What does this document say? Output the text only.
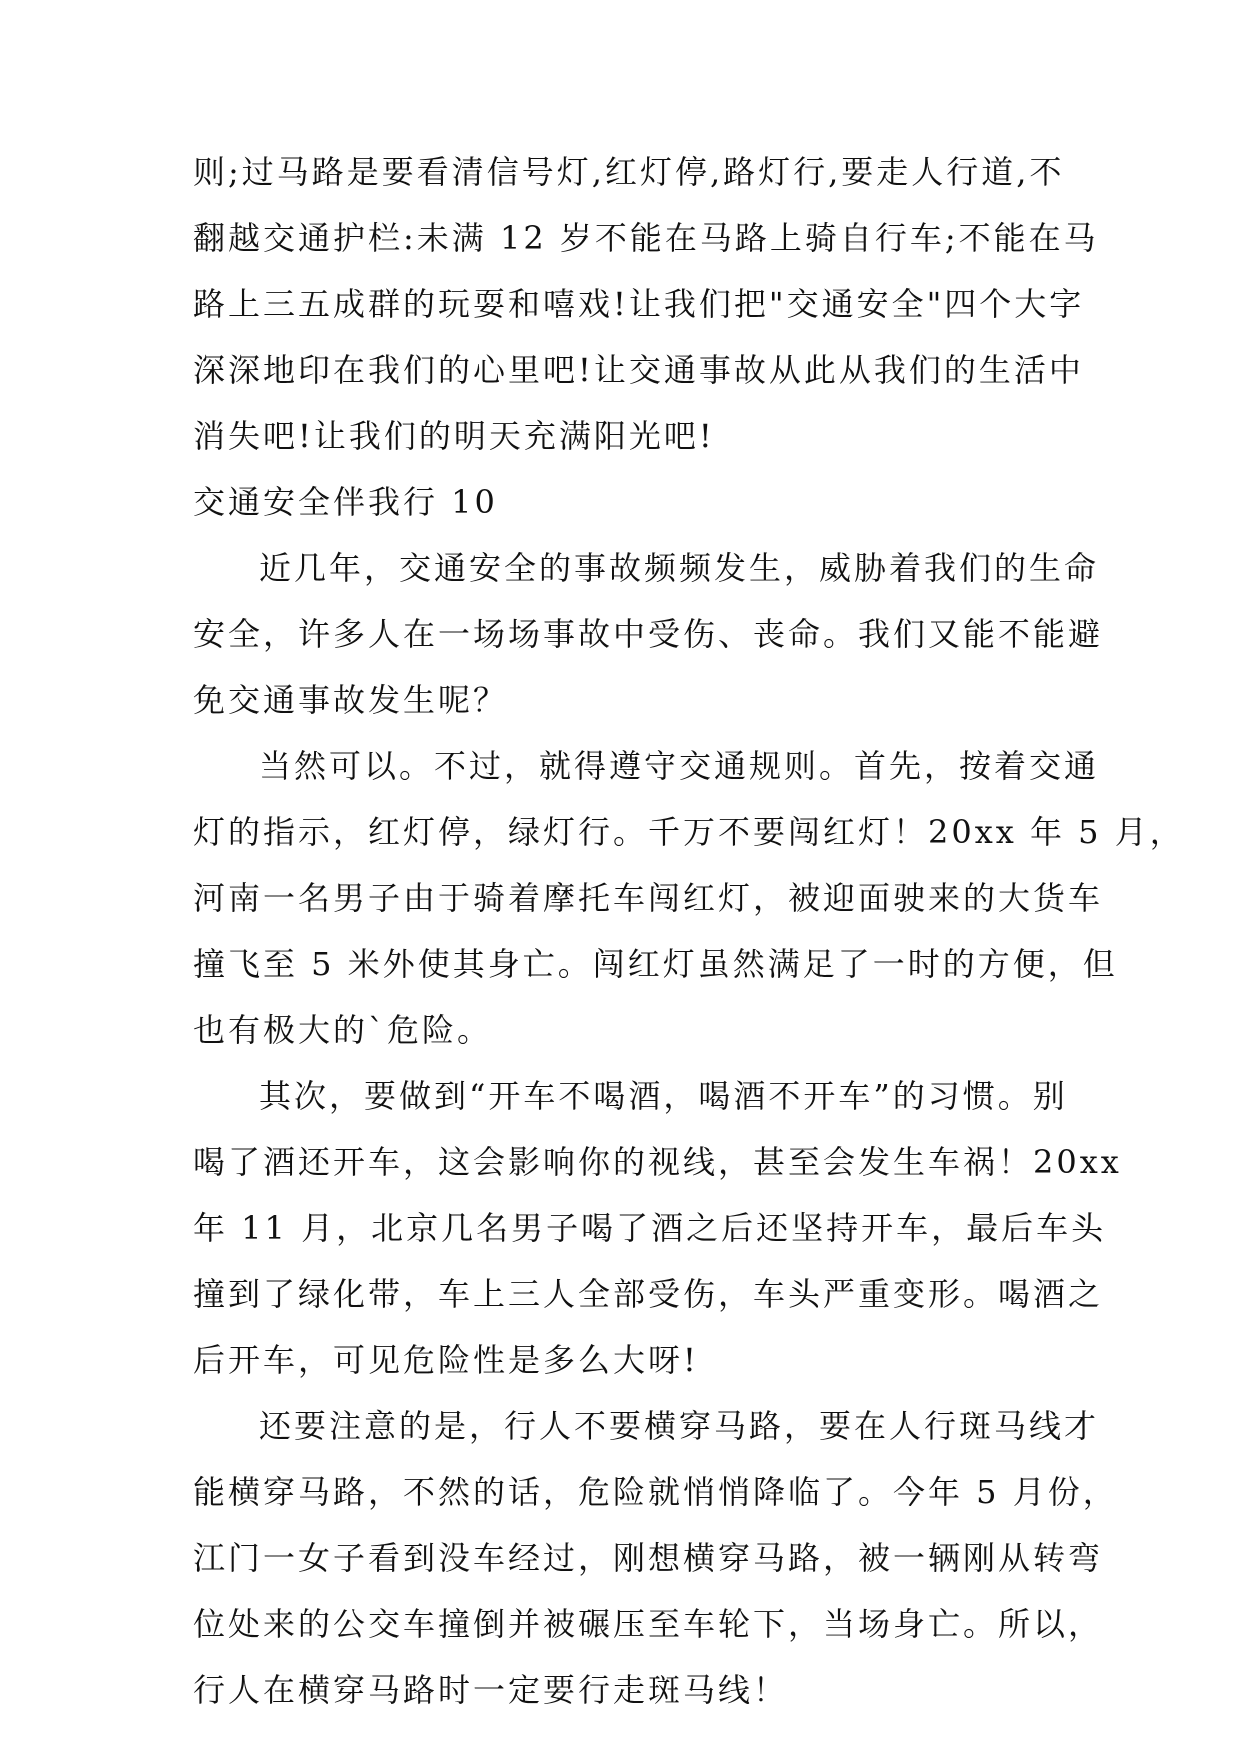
则;过马路是要看清信号灯,红灯停,路灯行,要走人行道,不
翻越交通护栏:未满 12 岁不能在马路上骑自行车;不能在马
路上三五成群的玩耍和嘻戏!让我们把"交通安全"四个大字
深深地印在我们的心里吧!让交通事故从此从我们的生活中
消失吧!让我们的明天充满阳光吧!
交通安全伴我行 10
近几年，交通安全的事故频频发生，威胁着我们的生命
安全，许多人在一场场事故中受伤、丧命。我们又能不能避
免交通事故发生呢？
当然可以。不过，就得遵守交通规则。首先，按着交通
灯的指示，红灯停，绿灯行。千万不要闯红灯！20xx 年 5 月，
河南一名男子由于骑着摩托车闯红灯，被迎面驶来的大货车
撞飞至 5 米外使其身亡。闯红灯虽然满足了一时的方便，但
也有极大的`危险。
其次，要做到“开车不喝酒，喝酒不开车”的习惯。别
喝了酒还开车，这会影响你的视线，甚至会发生车祸！20xx
年 11 月，北京几名男子喝了酒之后还坚持开车，最后车头
撞到了绿化带，车上三人全部受伤，车头严重变形。喝酒之
后开车，可见危险性是多么大呀!
还要注意的是，行人不要横穿马路，要在人行斑马线才
能横穿马路，不然的话，危险就悄悄降临了。今年 5 月份，
江门一女子看到没车经过，刚想横穿马路，被一辆刚从转弯
位处来的公交车撞倒并被碾压至车轮下，当场身亡。所以，
行人在横穿马路时一定要行走斑马线！
